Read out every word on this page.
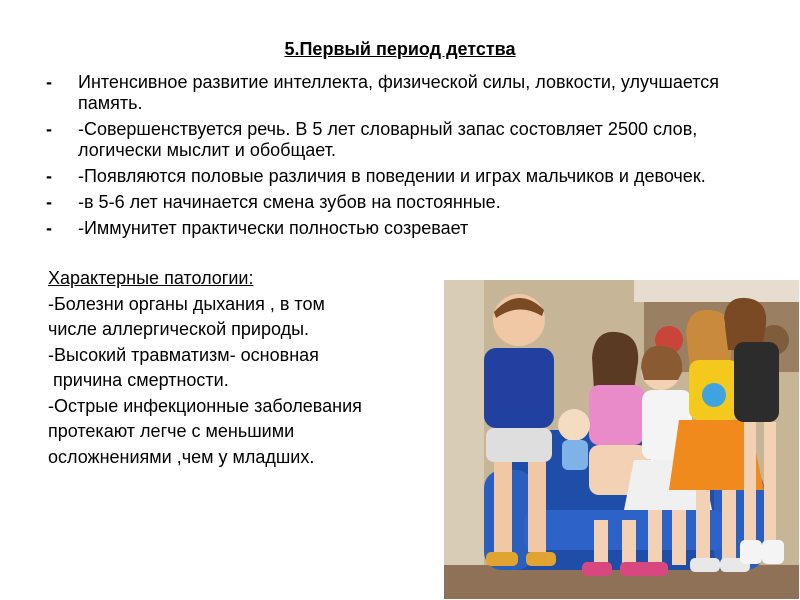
5.Первый период детства
-	Интенсивное развитие интеллекта, физической силы, ловкости, улучшается память.
-	-Совершенствуется речь. В 5 лет словарный запас состовляет 2500 слов, логически мыслит и обобщает.
-	-Появляются половые различия в поведении и играх мальчиков и девочек.
-	-в 5-6 лет начинается смена зубов на постоянные.
-	-Иммунитет практически полностью созревает
Характерные патологии:
-Болезни органы дыхания , в том
числе аллергической природы.
-Высокий травматизм- основная
причина смертности.
-Острые инфекционные заболевания
протекают легче с меньшими
осложнениями ,чем у младших.
